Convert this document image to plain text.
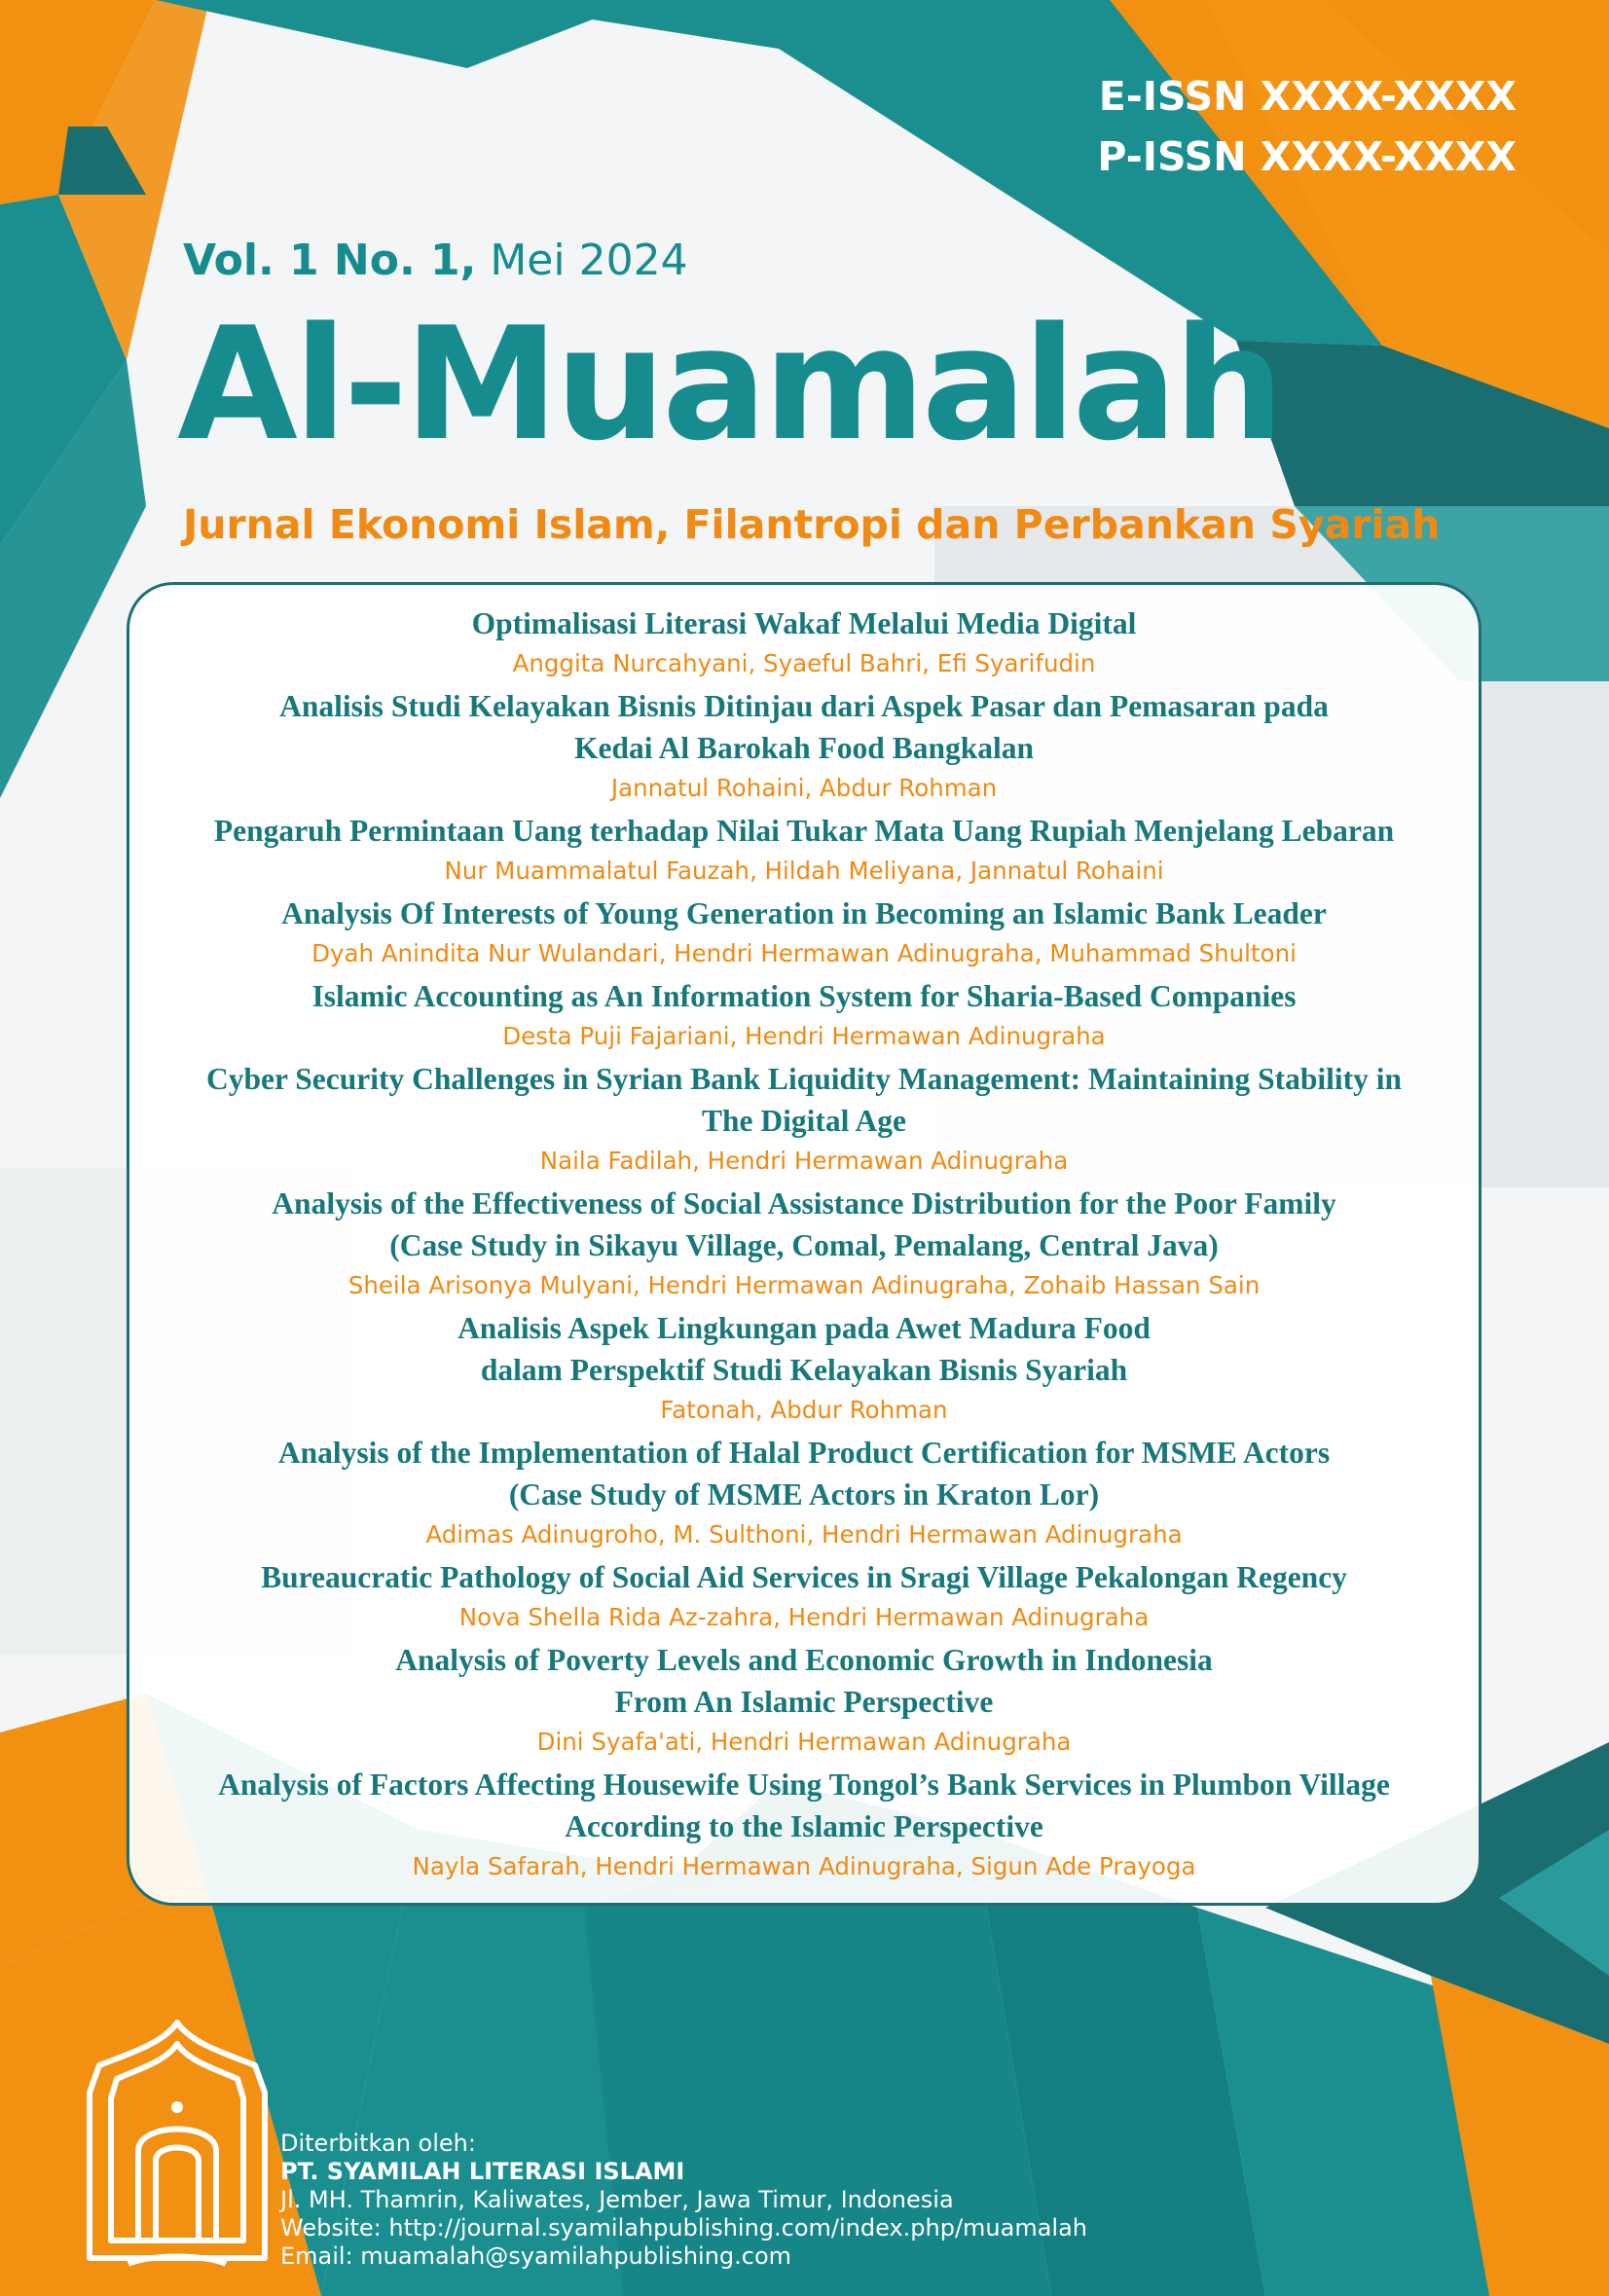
E-ISSN XXXX-XXXX
P-ISSN XXXX-XXXX
Vol. 1 No. 1, Mei 2024
Al-Muamalah
Jurnal Ekonomi Islam, Filantropi dan Perbankan Syariah
Optimalisasi Literasi Wakaf Melalui Media Digital
Anggita Nurcahyani, Syaeful Bahri, Efi Syarifudin
Analisis Studi Kelayakan Bisnis Ditinjau dari Aspek Pasar dan Pemasaran pada
Kedai Al Barokah Food Bangkalan
Jannatul Rohaini, Abdur Rohman
Pengaruh Permintaan Uang terhadap Nilai Tukar Mata Uang Rupiah Menjelang Lebaran
Nur Muammalatul Fauzah, Hildah Meliyana, Jannatul Rohaini
Analysis Of Interests of Young Generation in Becoming an Islamic Bank Leader
Dyah Anindita Nur Wulandari, Hendri Hermawan Adinugraha, Muhammad Shultoni
Islamic Accounting as An Information System for Sharia-Based Companies
Desta Puji Fajariani, Hendri Hermawan Adinugraha
Cyber Security Challenges in Syrian Bank Liquidity Management: Maintaining Stability in
The Digital Age
Naila Fadilah, Hendri Hermawan Adinugraha
Analysis of the Effectiveness of Social Assistance Distribution for the Poor Family
(Case Study in Sikayu Village, Comal, Pemalang, Central Java)
Sheila Arisonya Mulyani, Hendri Hermawan Adinugraha, Zohaib Hassan Sain
Analisis Aspek Lingkungan pada Awet Madura Food
dalam Perspektif Studi Kelayakan Bisnis Syariah
Fatonah, Abdur Rohman
Analysis of the Implementation of Halal Product Certification for MSME Actors
(Case Study of MSME Actors in Kraton Lor)
Adimas Adinugroho, M. Sulthoni, Hendri Hermawan Adinugraha
Bureaucratic Pathology of Social Aid Services in Sragi Village Pekalongan Regency
Nova Shella Rida Az-zahra, Hendri Hermawan Adinugraha
Analysis of Poverty Levels and Economic Growth in Indonesia
From An Islamic Perspective
Dini Syafa'ati, Hendri Hermawan Adinugraha
Analysis of Factors Affecting Housewife Using Tongol’s Bank Services in Plumbon Village
According to the Islamic Perspective
Nayla Safarah, Hendri Hermawan Adinugraha, Sigun Ade Prayoga
Diterbitkan oleh:
PT. SYAMILAH LITERASI ISLAMI
Jl. MH. Thamrin, Kaliwates, Jember, Jawa Timur, Indonesia
Website: http://journal.syamilahpublishing.com/index.php/muamalah
Email: muamalah@syamilahpublishing.com
